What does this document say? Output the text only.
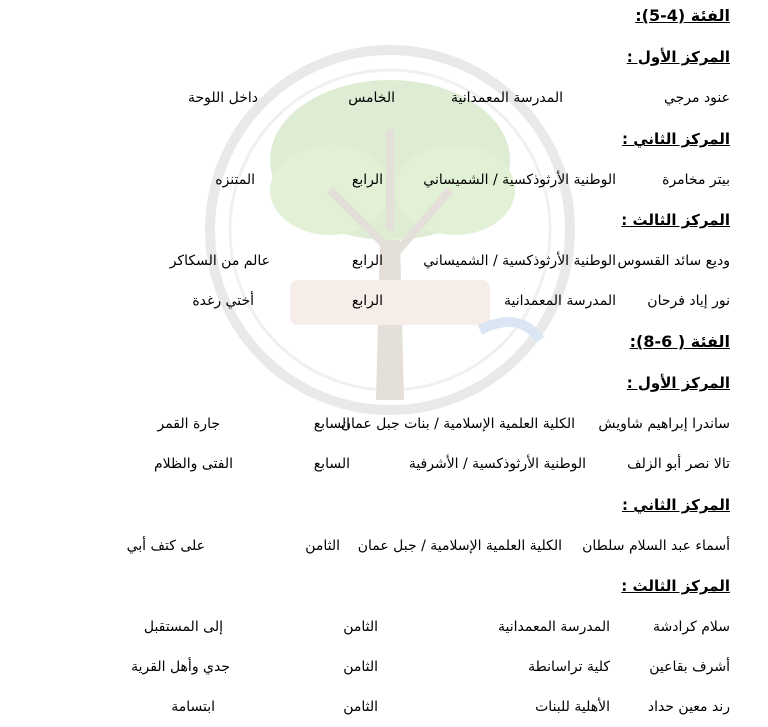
الفئة (4-5):
المركز الأول :
عنود مرجي
المدرسة المعمدانية
الخامس
داخل اللوحة
المركز الثاني :
بيتر مخامرة
الوطنية الأرثوذكسية / الشميساني
الرابع
المتنزه
المركز الثالث :
وديع سائد القسوس
الوطنية الأرثوذكسية / الشميساني
الرابع
عالم من السكاكر
نور إياد فرحان
المدرسة المعمدانية
الرابع
أختي رغدة
الفئة ( 6-8):
المركز الأول :
ساندرا إبراهيم شاويش
الكلية العلمية الإسلامية / بنات جبل عمان
السابع
جارة القمر
تالا نصر أبو الزلف
الوطنية الأرثوذكسية / الأشرفية
السابع
الفتى والظلام
المركز الثاني :
أسماء عبد السلام سلطان
الكلية العلمية الإسلامية / جبل عمان
الثامن
على كتف أبي
المركز الثالث :
سلام كرادشة
المدرسة المعمدانية
الثامن
إلى المستقبل
أشرف بقاعين
كلية تراسانطة
الثامن
جدي وأهل القرية
رند معين حداد
الأهلية للبنات
الثامن
ابتسامة
